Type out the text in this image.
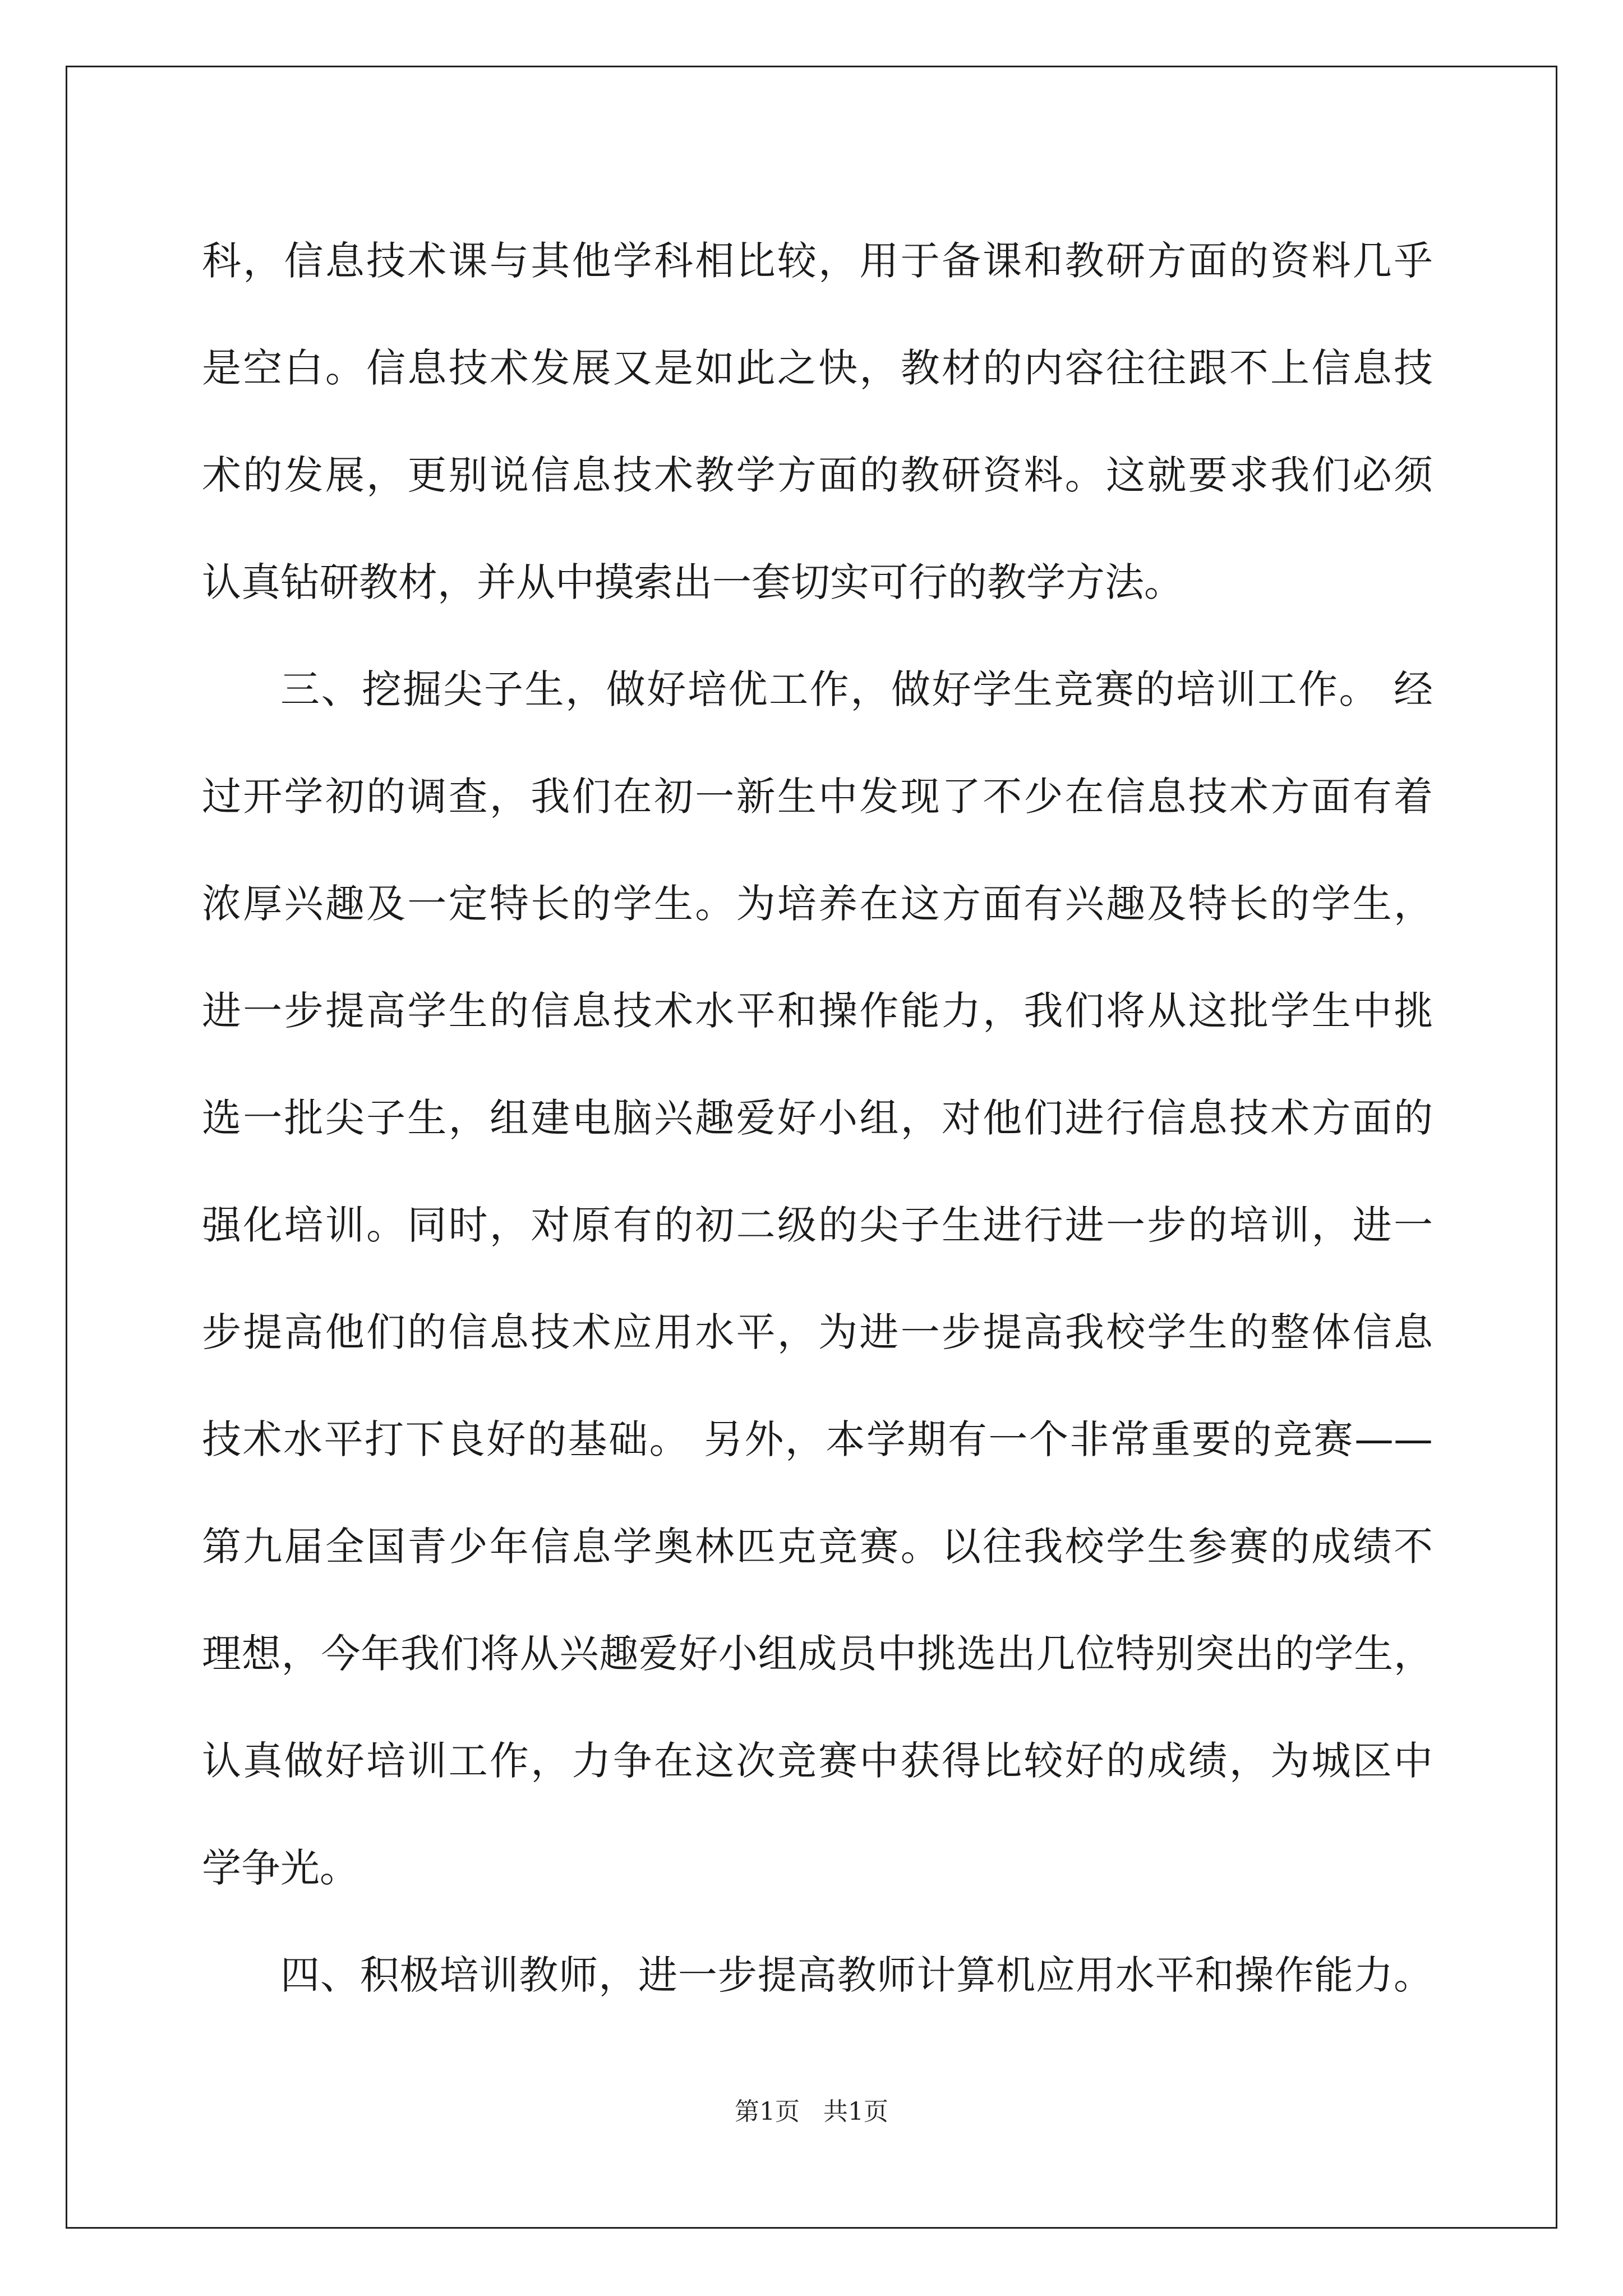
科，信息技术课与其他学科相比较，用于备课和教研方面的资料几乎
是空白。信息技术发展又是如此之快，教材的内容往往跟不上信息技
术的发展，更别说信息技术教学方面的教研资料。这就要求我们必须
认真钻研教材，并从中摸索出一套切实可行的教学方法。
三、挖掘尖子生，做好培优工作，做好学生竞赛的培训工作。 经
过开学初的调查，我们在初一新生中发现了不少在信息技术方面有着
浓厚兴趣及一定特长的学生。为培养在这方面有兴趣及特长的学生，
进一步提高学生的信息技术水平和操作能力，我们将从这批学生中挑
选一批尖子生，组建电脑兴趣爱好小组，对他们进行信息技术方面的
强化培训。同时，对原有的初二级的尖子生进行进一步的培训，进一
步提高他们的信息技术应用水平，为进一步提高我校学生的整体信息
技术水平打下良好的基础。 另外，本学期有一个非常重要的竞赛——
第九届全国青少年信息学奥林匹克竞赛。以往我校学生参赛的成绩不
理想，今年我们将从兴趣爱好小组成员中挑选出几位特别突出的学生，
认真做好培训工作，力争在这次竞赛中获得比较好的成绩，为城区中
学争光。
四、积极培训教师，进一步提高教师计算机应用水平和操作能力。
第1页 共1页
